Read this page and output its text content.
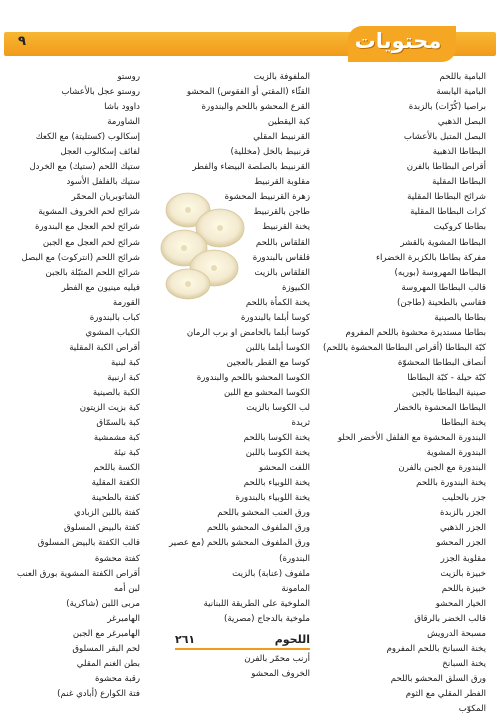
محتويات
٩
البامية باللحم
البامية اليابسة
براصيا (كُرّات) بالزبدة
البصل الذهبي
البصل المتبل بالأعشاب
البطاطا الذهبية
أقراص البطاطا بالفرن
البطاطا المقلية
شرائح البطاطا المقلية
كرات البطاطا المقلية
بطاطا كروكيت
البطاطا المشوية بالقشر
مفركة بطاطا بالكزبرة الخضراء
البطاطا المهروسة (بوريه)
قالب البطاطا المهروسة
فقاسي بالطحينة (طاجن)
بطاطا بالصينية
بطاطا مستديرة محشوة باللحم المفروم
كبّة البطاطا (أقراص البطاطا المحشوة باللحم)
أنصاف البطاطا المحشوّة
كبّة حيلة - كبّة البطاطا
صينية البطاطا بالجبن
البطاطا المحشوة بالخضار
يخنة البطاطا
البندورة المحشوة مع الفلفل الأخضر الحلو
البندورة المشوية
البندورة مع الجبن بالفرن
يخنة البندورة باللحم
جزر بالحليب
الجزر بالزبدة
الجزر الذهبي
الجزر المحشو
مقلوبة الجزر
خبيزة بالزيت
خبيزة باللحم
الخيار المحشو
قالب الخضر بالرقاق
مسبحة الدرويش
يخنة السبانخ باللحم المفروم
يخنة السبانخ
ورق السلق المحشو باللحم
الفطر المقلي مع الثوم
المكوّب
الملفوفة بالزيت
القثّاء (المقتي أو الفقوس) المحشو
القرع المحشو باللحم والبندورة
كبة اليقطين
القرنبيط المقلي
قرنبيط بالخل (مخللية)
القرنبيط بالصلصة البيضاء والفطر
مقلوبة القرنبيط
زهرة القرنبيط المحشوة
طاجن بالقرنبيط
يخنة القرنبيط
القلقاس باللحم
قلقاس بالبندورة
القلقاس بالزيت
الكبيوزة
يخنة الكمأة باللحم
كوسا أبلما بالبندورة
كوسا أبلما بالحامض او برب الرمان
الكوسا أبلما باللبن
كوسا مع القطر بالعجين
الكوسا المحشو باللحم والبندورة
الكوسا المحشو مع اللبن
لب الكوسا بالزيت
ثريدة
يخنة الكوسا باللحم
يخنة الكوسا باللبن
اللفت المحشو
يخنة اللوبياء باللحم
يخنة اللوبياء بالبندورة
ورق العنب المحشو باللحم
ورق الملفوف المحشو باللحم
ورق الملفوف المحشو باللحم (مع عصير
البندورة)
ملفوف (عنابة) بالزيت
المامونة
الملوخية على الطريقة اللبنانية
ملوخية بالدجاج (مصرية)
روستو
روستو عجل بالأعشاب
داوود باشا
الشاورمة
إسكالوب (كستليتة) مع الكعك
لفائف إسكالوب العجل
ستيك اللحم (ستيك) مع الخردل
ستيك بالفلفل الأسود
الشاتوبريان المحمّر
شرائح لحم الخروف المشوية
شرائح لحم العجل مع البندورة
شرائح لحم العجل مع الجبن
شرائح اللحم (انتركوت) مع البصل
شرائح اللحم المتبّلة بالجبن
فيليه مينيون مع الفطر
القورمة
كباب بالبندورة
الكباب المشوي
أقراص الكبة المقلية
كبة لبنية
كبة ارنبية
الكبة بالصينية
كبة بزيت الزيتون
كبة بالسمّاق
كبة مشمشية
كبة نيئة
الكسة باللحم
الكفتة المقلية
كفتة بالطحينة
كفتة باللبن الزبادي
كفتة بالبيض المسلوق
قالب الكفتة بالبيض المسلوق
كفتة محشوة
أقراص الكفتة المشوية بورق العنب
لبن أمه
مربى اللبن (شاكرية)
الهامبرغر
الهامبرغر مع الجبن
لحم البقر المسلوق
بطن الغنم المقلي
رقبة محشوة
فتة الكوارع (أبادي غنم)
اللحوم
٢٦١
أرنب محمّر بالفرن
الخروف المحشو
